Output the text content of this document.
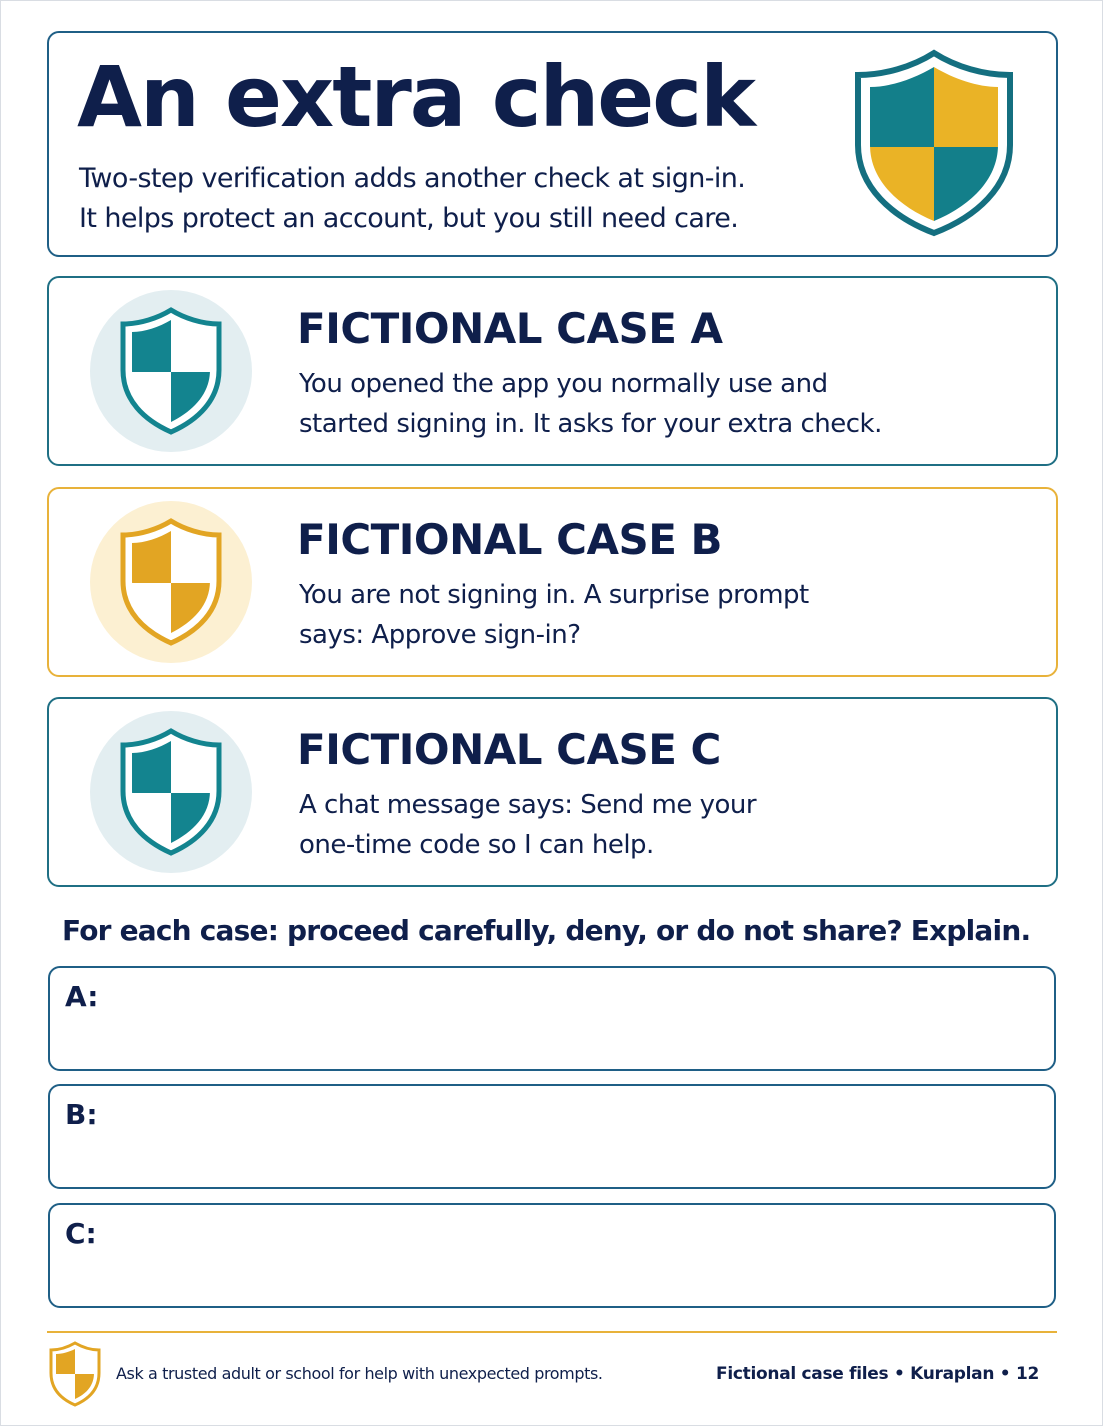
An extra check
Two-step verification adds another check at sign-in.
It helps protect an account, but you still need care.
FICTIONAL CASE A
You opened the app you normally use and
started signing in. It asks for your extra check.
FICTIONAL CASE B
You are not signing in. A surprise prompt
says: Approve sign-in?
FICTIONAL CASE C
A chat message says: Send me your
one-time code so I can help.
For each case: proceed carefully, deny, or do not share? Explain.
A:
B:
C:
Ask a trusted adult or school for help with unexpected prompts.	Fictional case files • Kuraplan • 12
